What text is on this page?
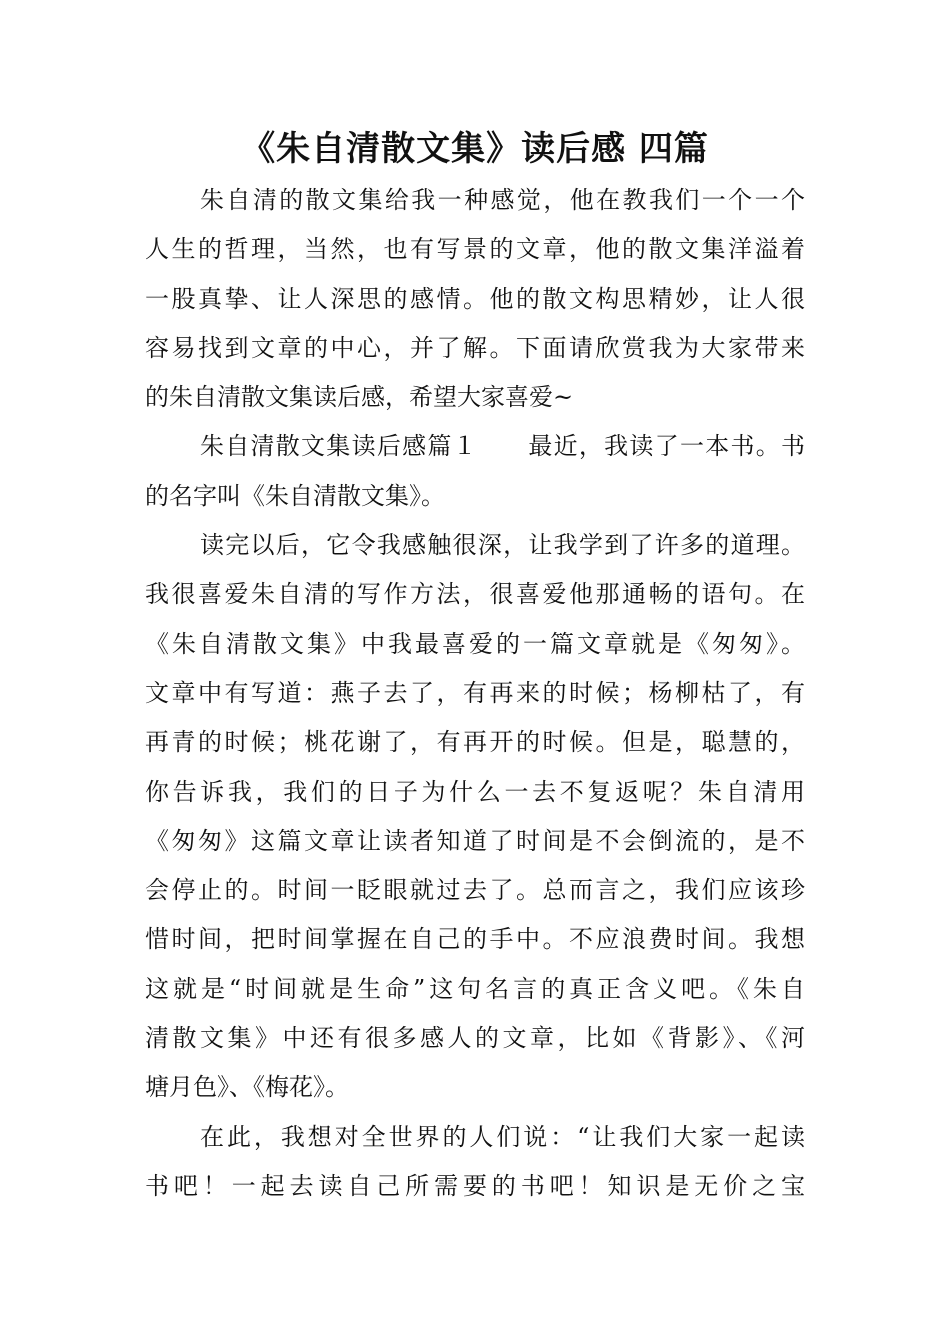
《朱自清散文集》读后感 四篇

朱自清的散文集给我一种感觉，他在教我们一个一个

人生的哲理，当然，也有写景的文章，他的散文集洋溢着

一股真挚、让人深思的感情。他的散文构思精妙，让人很

容易找到文章的中心，并了解。下面请欣赏我为大家带来

的朱自清散文集读后感，希望大家喜爱~

朱自清散文集读后感篇１　　最近，我读了一本书。书

的名字叫《朱自清散文集》。

读完以后，它令我感触很深，让我学到了许多的道理。

我很喜爱朱自清的写作方法，很喜爱他那通畅的语句。在

《朱自清散文集》中我最喜爱的一篇文章就是《匆匆》。

文章中有写道：燕子去了，有再来的时候；杨柳枯了，有

再青的时候；桃花谢了，有再开的时候。但是，聪慧的，

你告诉我，我们的日子为什么一去不复返呢？朱自清用

《匆匆》这篇文章让读者知道了时间是不会倒流的，是不

会停止的。时间一眨眼就过去了。总而言之，我们应该珍

惜时间，把时间掌握在自己的手中。不应浪费时间。我想

这就是“时间就是生命”这句名言的真正含义吧。《朱自

清散文集》中还有很多感人的文章，比如《背影》、《河

塘月色》、《梅花》。

在此，我想对全世界的人们说：“让我们大家一起读

书吧！一起去读自己所需要的书吧！知识是无价之宝
